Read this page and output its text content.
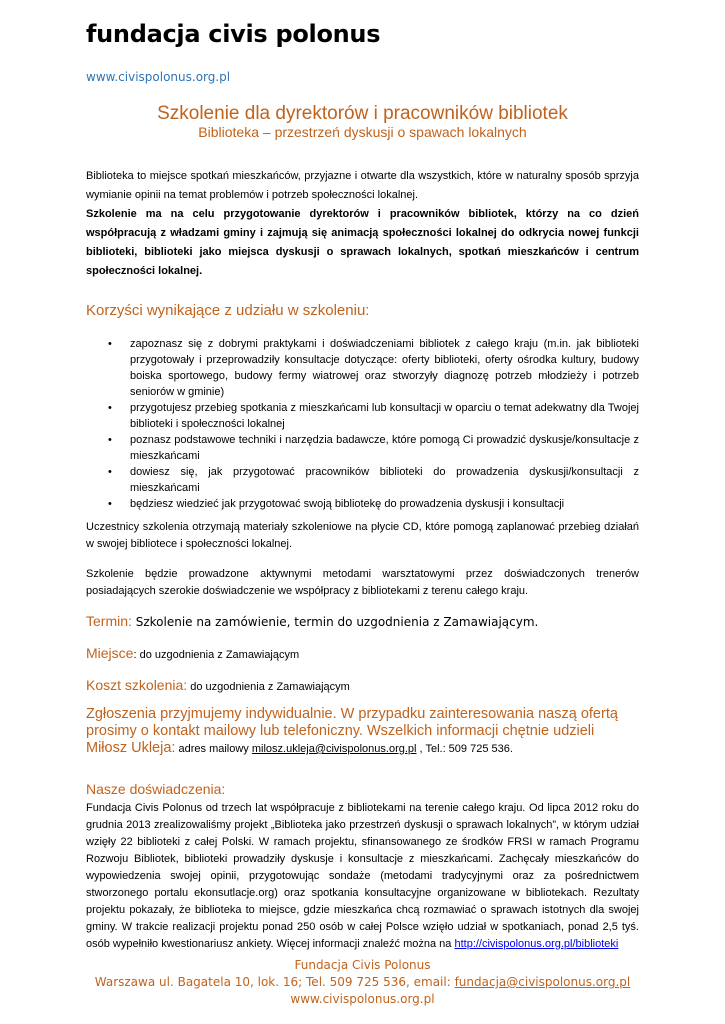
fundacja civis polonus
www.civispolonus.org.pl
Szkolenie dla dyrektorów i pracowników bibliotek
Biblioteka – przestrzeń dyskusji o spawach lokalnych
Biblioteka to miejsce spotkań mieszkańców, przyjazne i otwarte dla wszystkich, które w naturalny sposób sprzyja wymianie opinii na temat problemów i potrzeb społeczności lokalnej.
Szkolenie ma na celu przygotowanie dyrektorów i pracowników bibliotek, którzy na co dzień współpracują z władzami gminy i zajmują się animacją społeczności lokalnej do odkrycia nowej funkcji biblioteki, biblioteki jako miejsca dyskusji o sprawach lokalnych, spotkań mieszkańców i centrum społeczności lokalnej.
Korzyści wynikające z udziału w szkoleniu:
• zapoznasz się z dobrymi praktykami i doświadczeniami bibliotek z całego kraju (m.in. jak biblioteki przygotowały i przeprowadziły konsultacje dotyczące: oferty biblioteki, oferty ośrodka kultury, budowy boiska sportowego, budowy fermy wiatrowej oraz stworzyły diagnozę potrzeb młodzieży i potrzeb seniorów w gminie)
• przygotujesz przebieg spotkania z mieszkańcami lub konsultacji w oparciu o temat adekwatny dla Twojej biblioteki i społeczności lokalnej
• poznasz podstawowe techniki i narzędzia badawcze, które pomogą Ci prowadzić dyskusje/konsultacje z mieszkańcami
• dowiesz się, jak przygotować pracowników biblioteki do prowadzenia dyskusji/konsultacji z mieszkańcami
• będziesz wiedzieć jak przygotować swoją bibliotekę do prowadzenia dyskusji i konsultacji
Uczestnicy szkolenia otrzymają materiały szkoleniowe na płycie CD, które pomogą zaplanować przebieg działań w swojej bibliotece i społeczności lokalnej.
Szkolenie będzie prowadzone aktywnymi metodami warsztatowymi przez doświadczonych trenerów posiadających szerokie doświadczenie we współpracy z bibliotekami z terenu całego kraju.
Termin: Szkolenie na zamówienie, termin do uzgodnienia z Zamawiającym.
Miejsce: do uzgodnienia z Zamawiającym
Koszt szkolenia: do uzgodnienia z Zamawiającym
Zgłoszenia przyjmujemy indywidualnie. W przypadku zainteresowania naszą ofertą prosimy o kontakt mailowy lub telefoniczny. Wszelkich informacji chętnie udzieli Miłosz Ukleja: adres mailowy milosz.ukleja@civispolonus.org.pl , Tel.: 509 725 536.
Nasze doświadczenia:
Fundacja Civis Polonus od trzech lat współpracuje z bibliotekami na terenie całego kraju. Od lipca 2012 roku do grudnia 2013 zrealizowaliśmy projekt „Biblioteka jako przestrzeń dyskusji o sprawach lokalnych”, w którym udział wzięły 22 biblioteki z całej Polski. W ramach projektu, sfinansowanego ze środków FRSI w ramach Programu Rozwoju Bibliotek, biblioteki prowadziły dyskusje i konsultacje z mieszkańcami. Zachęcały mieszkańców do wypowiedzenia swojej opinii, przygotowując sondaże (metodami tradycyjnymi oraz za pośrednictwem stworzonego portalu ekonsutlacje.org) oraz spotkania konsultacyjne organizowane w bibliotekach. Rezultaty projektu pokazały, że biblioteka to miejsce, gdzie mieszkańca chcą rozmawiać o sprawach istotnych dla swojej gminy. W trakcie realizacji projektu ponad 250 osób w całej Polsce wzięło udział w spotkaniach, ponad 2,5 tyś. osób wypełniło kwestionariusz ankiety. Więcej informacji znaleźć można na http://civispolonus.org.pl/biblioteki
Fundacja Civis Polonus
Warszawa ul. Bagatela 10, lok. 16; Tel. 509 725 536, email: fundacja@civispolonus.org.pl
www.civispolonus.org.pl
